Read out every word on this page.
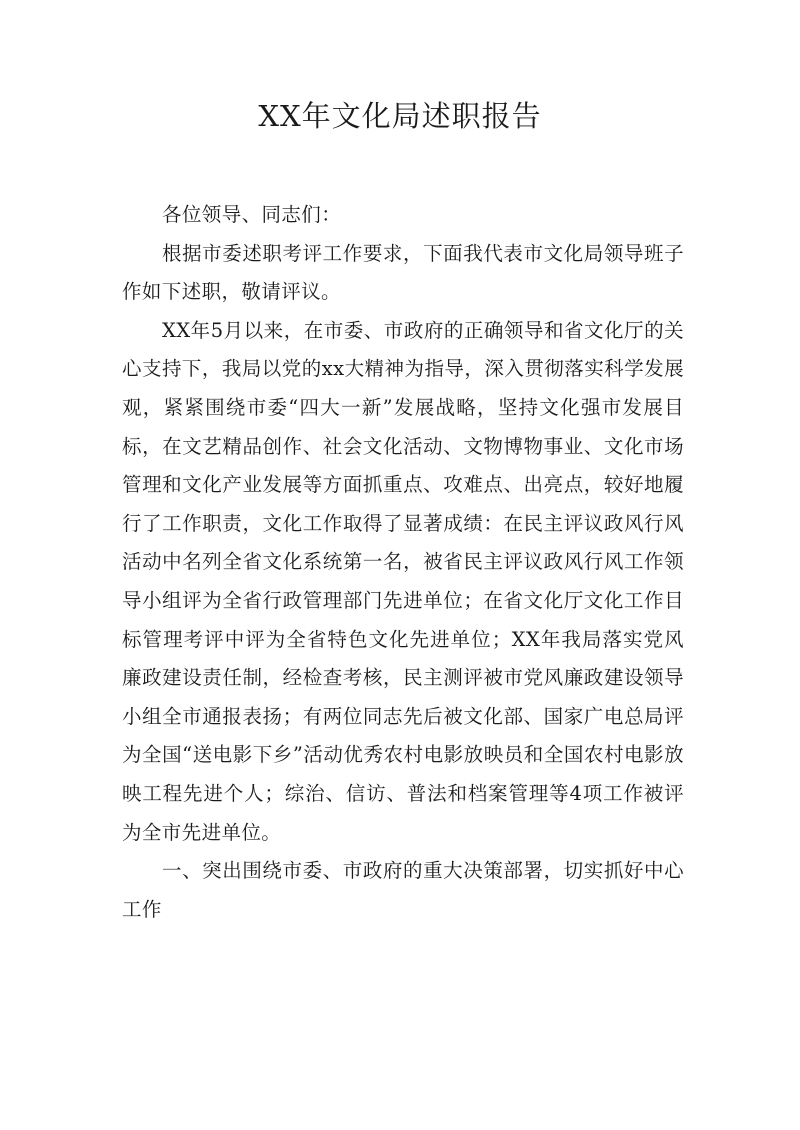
XX年文化局述职报告

各位领导、同志们：

根据市委述职考评工作要求，下面我代表市文化局领导班子作如下述职，敬请评议。

XX年5月以来，在市委、市政府的正确领导和省文化厅的关心支持下，我局以党的xx大精神为指导，深入贯彻落实科学发展观，紧紧围绕市委“四大一新”发展战略，坚持文化强市发展目标，在文艺精品创作、社会文化活动、文物博物事业、文化市场管理和文化产业发展等方面抓重点、攻难点、出亮点，较好地履行了工作职责，文化工作取得了显著成绩：在民主评议政风行风活动中名列全省文化系统第一名，被省民主评议政风行风工作领导小组评为全省行政管理部门先进单位；在省文化厅文化工作目标管理考评中评为全省特色文化先进单位；XX年我局落实党风廉政建设责任制，经检查考核，民主测评被市党风廉政建设领导小组全市通报表扬；有两位同志先后被文化部、国家广电总局评为全国“送电影下乡”活动优秀农村电影放映员和全国农村电影放映工程先进个人；综治、信访、普法和档案管理等4项工作被评为全市先进单位。

一、突出围绕市委、市政府的重大决策部署，切实抓好中心工作
